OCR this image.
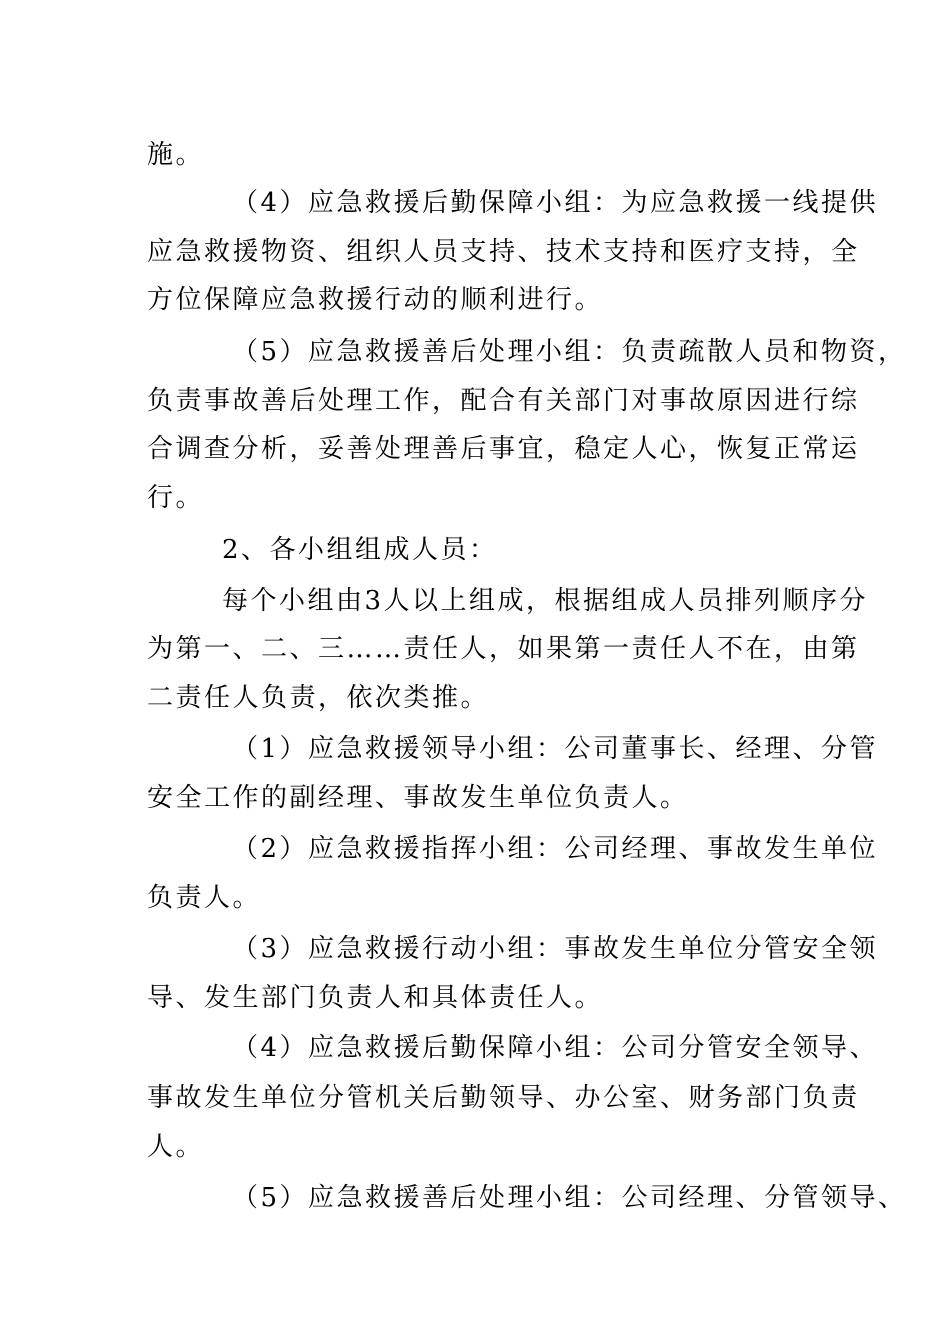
施。
（4）应急救援后勤保障小组：为应急救援一线提供
应急救援物资、组织人员支持、技术支持和医疗支持，全
方位保障应急救援行动的顺利进行。
（5）应急救援善后处理小组：负责疏散人员和物资，
负责事故善后处理工作，配合有关部门对事故原因进行综
合调查分析，妥善处理善后事宜，稳定人心，恢复正常运
行。
2、各小组组成人员：
每个小组由3人以上组成，根据组成人员排列顺序分
为第一、二、三……责任人，如果第一责任人不在，由第
二责任人负责，依次类推。
（1）应急救援领导小组：公司董事长、经理、分管
安全工作的副经理、事故发生单位负责人。
（2）应急救援指挥小组：公司经理、事故发生单位
负责人。
（3）应急救援行动小组：事故发生单位分管安全领
导、发生部门负责人和具体责任人。
（4）应急救援后勤保障小组：公司分管安全领导、
事故发生单位分管机关后勤领导、办公室、财务部门负责
人。
（5）应急救援善后处理小组：公司经理、分管领导、
